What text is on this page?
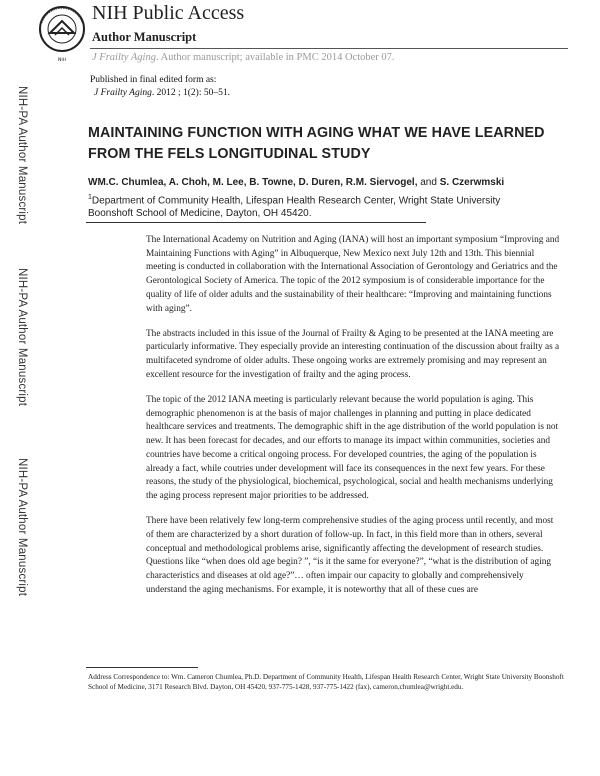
NIH
NIH Public Access
Author Manuscript
J Frailty Aging. Author manuscript; available in PMC 2014 October 07.
NIH-PA Author Manuscript
NIH-PA Author Manuscript
NIH-PA Author Manuscript
Published in final edited form as:
J Frailty Aging. 2012 ; 1(2): 50–51.
MAINTAINING FUNCTION WITH AGING WHAT WE HAVE LEARNED FROM THE FELS LONGITUDINAL STUDY
WM.C. Chumlea, A. Choh, M. Lee, B. Towne, D. Duren, R.M. Siervogel, and S. Czerwmski
$^1$Department of Community Health, Lifespan Health Research Center, Wright State University Boonshoft School of Medicine, Dayton, OH 45420.

The International Academy on Nutrition and Aging (IANA) will host an important symposium “Improving and Maintaining Functions with Aging” in Albuquerque, New Mexico next July 12th and 13th. This biennial meeting is conducted in collaboration with the International Association of Gerontology and Geriatrics and the Gerontological Society of America. The topic of the 2012 symposium is of considerable importance for the quality of life of older adults and the sustainability of their healthcare: “Improving and maintaining functions with aging”.

The abstracts included in this issue of the Journal of Frailty & Aging to be presented at the IANA meeting are particularly informative. They especially provide an interesting continuation of the discussion about frailty as a multifaceted syndrome of older adults. These ongoing works are extremely promising and may represent an excellent resource for the investigation of frailty and the aging process.

The topic of the 2012 IANA meeting is particularly relevant because the world population is aging. This demographic phenomenon is at the basis of major challenges in planning and putting in place dedicated healthcare services and treatments. The demographic shift in the age distribution of the world population is not new. It has been forecast for decades, and our efforts to manage its impact within communities, societies and countries have become a critical ongoing process. For developed countries, the aging of the population is already a fact, while coutries under development will face its consequences in the next few years. For these reasons, the study of the physiological, biochemical, psychological, social and health mechanisms underlying the aging process represent major priorities to be addressed.

There have been relatively few long-term comprehensive studies of the aging process until recently, and most of them are characterized by a short duration of follow-up. In fact, in this field more than in others, several conceptual and methodological problems arise, significantly affecting the development of research studies. Questions like “when does old age begin? ”, “is it the same for everyone?”, “what is the distribution of aging characteristics and diseases at old age?”… often impair our capacity to globally and comprehensively understand the aging mechanisms. For example, it is noteworthy that all of these cues are

Address Correspondence to: Wm. Cameron Chumlea, Ph.D. Department of Community Health, Lifespan Health Research Center, Wright State University Boonshoft School of Medicine, 3171 Research Blvd. Dayton, OH 45420, 937-775-1428, 937-775-1422 (fax), cameron.chumlea@wright.edu.
